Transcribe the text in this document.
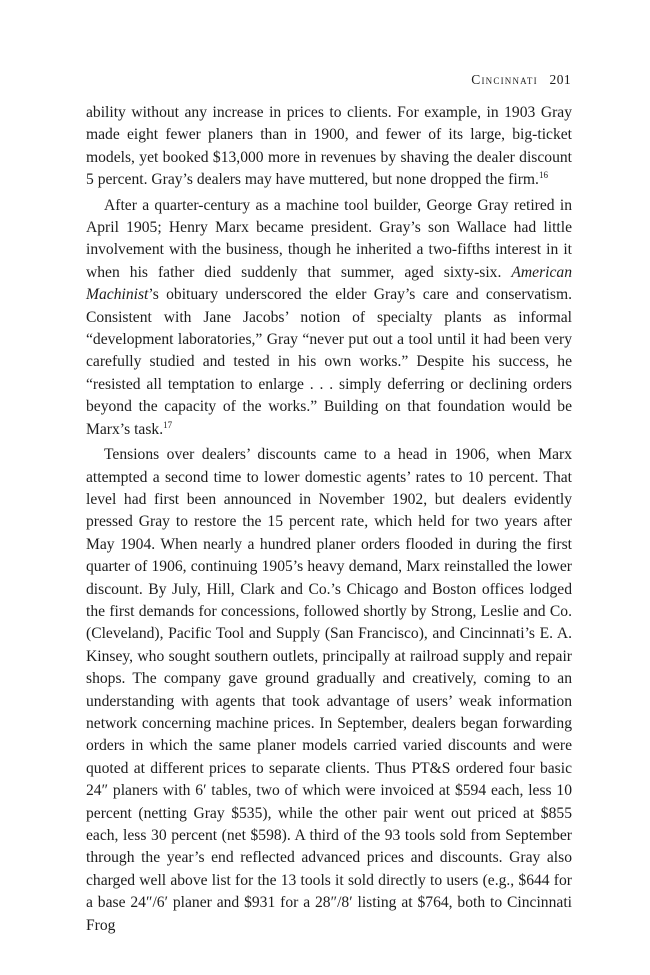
Cincinnati 201

ability without any increase in prices to clients. For example, in 1903 Gray made eight fewer planers than in 1900, and fewer of its large, big-ticket models, yet booked $13,000 more in revenues by shaving the dealer discount 5 percent. Gray’s dealers may have muttered, but none dropped the firm.$^{16}$

After a quarter-century as a machine tool builder, George Gray retired in April 1905; Henry Marx became president. Gray’s son Wallace had little involvement with the business, though he inherited a two-fifths interest in it when his father died suddenly that summer, aged sixty-six. American Machinist’s obituary underscored the elder Gray’s care and conservatism. Consistent with Jane Jacobs’ notion of specialty plants as informal “development laboratories,” Gray “never put out a tool until it had been very carefully studied and tested in his own works.” Despite his success, he “resisted all temptation to enlarge . . . simply deferring or declining orders beyond the capacity of the works.” Building on that foundation would be Marx’s task.$^{17}$

Tensions over dealers’ discounts came to a head in 1906, when Marx attempted a second time to lower domestic agents’ rates to 10 percent. That level had first been announced in November 1902, but dealers evidently pressed Gray to restore the 15 percent rate, which held for two years after May 1904. When nearly a hundred planer orders flooded in during the first quarter of 1906, continuing 1905’s heavy demand, Marx reinstalled the lower discount. By July, Hill, Clark and Co.’s Chicago and Boston offices lodged the first demands for concessions, followed shortly by Strong, Leslie and Co. (Cleveland), Pacific Tool and Supply (San Francisco), and Cincinnati’s E. A. Kinsey, who sought southern outlets, principally at railroad supply and repair shops. The company gave ground gradually and creatively, coming to an understanding with agents that took advantage of users’ weak information network concerning machine prices. In September, dealers began forwarding orders in which the same planer models carried varied discounts and were quoted at different prices to separate clients. Thus PT&S ordered four basic 24″ planers with 6′ tables, two of which were invoiced at $594 each, less 10 percent (netting Gray $535), while the other pair went out priced at $855 each, less 30 percent (net $598). A third of the 93 tools sold from September through the year’s end reflected advanced prices and discounts. Gray also charged well above list for the 13 tools it sold directly to users (e.g., $644 for a base 24″/6′ planer and $931 for a 28″/8′ listing at $764, both to Cincinnati Frog
